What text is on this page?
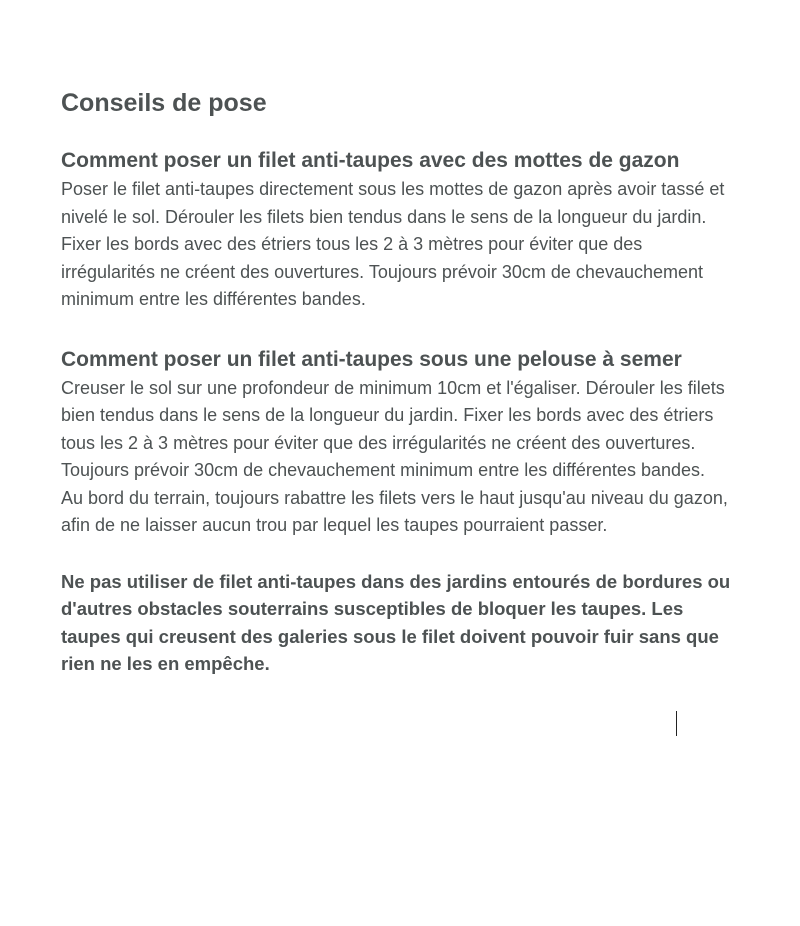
Conseils de pose
Comment poser un filet anti-taupes avec des mottes de gazon

Poser le filet anti-taupes directement sous les mottes de gazon après avoir tassé et nivelé le sol. Dérouler les filets bien tendus dans le sens de la longueur du jardin. Fixer les bords avec des étriers tous les 2 à 3 mètres pour éviter que des irrégularités ne créent des ouvertures. Toujours prévoir 30cm de chevauchement minimum entre les différentes bandes.

Comment poser un filet anti-taupes sous une pelouse à semer

Creuser le sol sur une profondeur de minimum 10cm et l'égaliser. Dérouler les filets bien tendus dans le sens de la longueur du jardin. Fixer les bords avec des étriers tous les 2 à 3 mètres pour éviter que des irrégularités ne créent des ouvertures. Toujours prévoir 30cm de chevauchement minimum entre les différentes bandes.

Au bord du terrain, toujours rabattre les filets vers le haut jusqu'au niveau du gazon, afin de ne laisser aucun trou par lequel les taupes pourraient passer.

Ne pas utiliser de filet anti-taupes dans des jardins entourés de bordures ou d'autres obstacles souterrains susceptibles de bloquer les taupes. Les taupes qui creusent des galeries sous le filet doivent pouvoir fuir sans que rien ne les en empêche.
